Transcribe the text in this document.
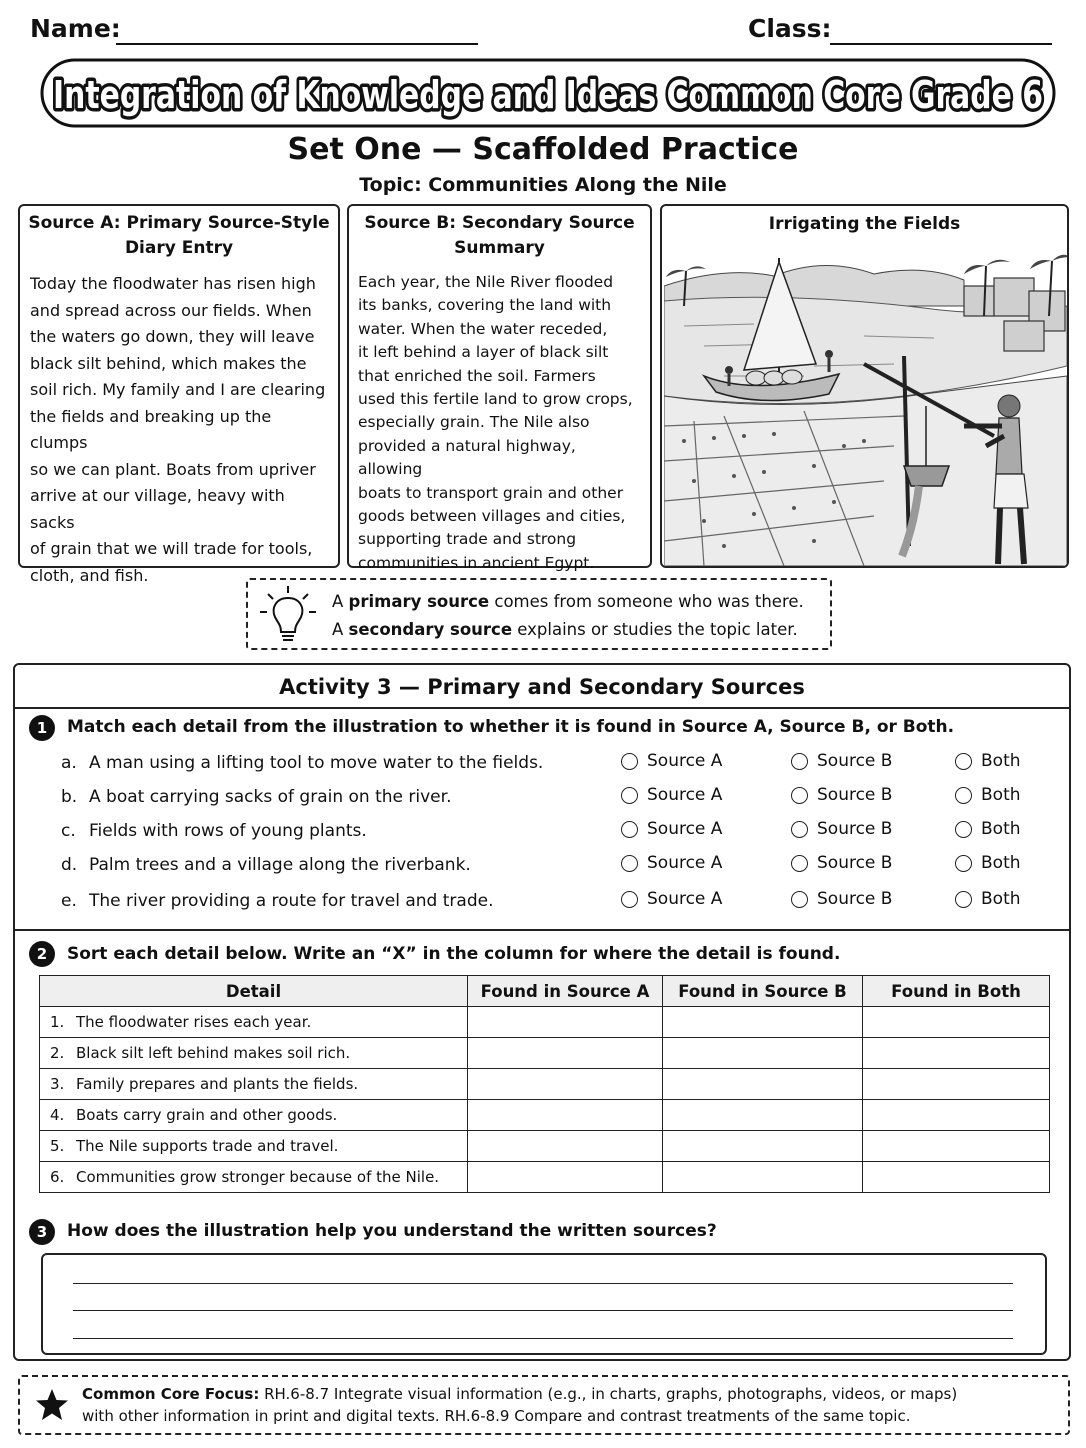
Name:	Class:
Integration of Knowledge and Ideas Common Core Grade 6
Set One — Scaffolded Practice
Topic: Communities Along the Nile
Source A: Primary Source-Style
Diary Entry
Today the floodwater has risen high
and spread across our fields. When
the waters go down, they will leave
black silt behind, which makes the
soil rich. My family and I are clearing
the fields and breaking up the clumps
so we can plant. Boats from upriver
arrive at our village, heavy with sacks
of grain that we will trade for tools,
cloth, and fish.
Source B: Secondary Source
Summary
Each year, the Nile River flooded
its banks, covering the land with
water. When the water receded,
it left behind a layer of black silt
that enriched the soil. Farmers
used this fertile land to grow crops,
especially grain. The Nile also
provided a natural highway, allowing
boats to transport grain and other
goods between villages and cities,
supporting trade and strong
communities in ancient Egypt.
Irrigating the Fields
A primary source comes from someone who was there.
A secondary source explains or studies the topic later.
Activity 3 — Primary and Secondary Sources
1	Match each detail from the illustration to whether it is found in Source A, Source B, or Both.
a. A man using a lifting tool to move water to the fields.	Source A	Source B	Both
b. A boat carrying sacks of grain on the river.	Source A	Source B	Both
c. Fields with rows of young plants.	Source A	Source B	Both
d. Palm trees and a village along the riverbank.	Source A	Source B	Both
e. The river providing a route for travel and trade.	Source A	Source B	Both
2	Sort each detail below. Write an “X” in the column for where the detail is found.
Detail	Found in Source A	Found in Source B	Found in Both
1. The floodwater rises each year.			
2. Black silt left behind makes soil rich.			
3. Family prepares and plants the fields.			
4. Boats carry grain and other goods.			
5. The Nile supports trade and travel.			
6. Communities grow stronger because of the Nile.			
3	How does the illustration help you understand the written sources?
Common Core Focus: RH.6-8.7 Integrate visual information (e.g., in charts, graphs, photographs, videos, or maps)
with other information in print and digital texts. RH.6-8.9 Compare and contrast treatments of the same topic.
